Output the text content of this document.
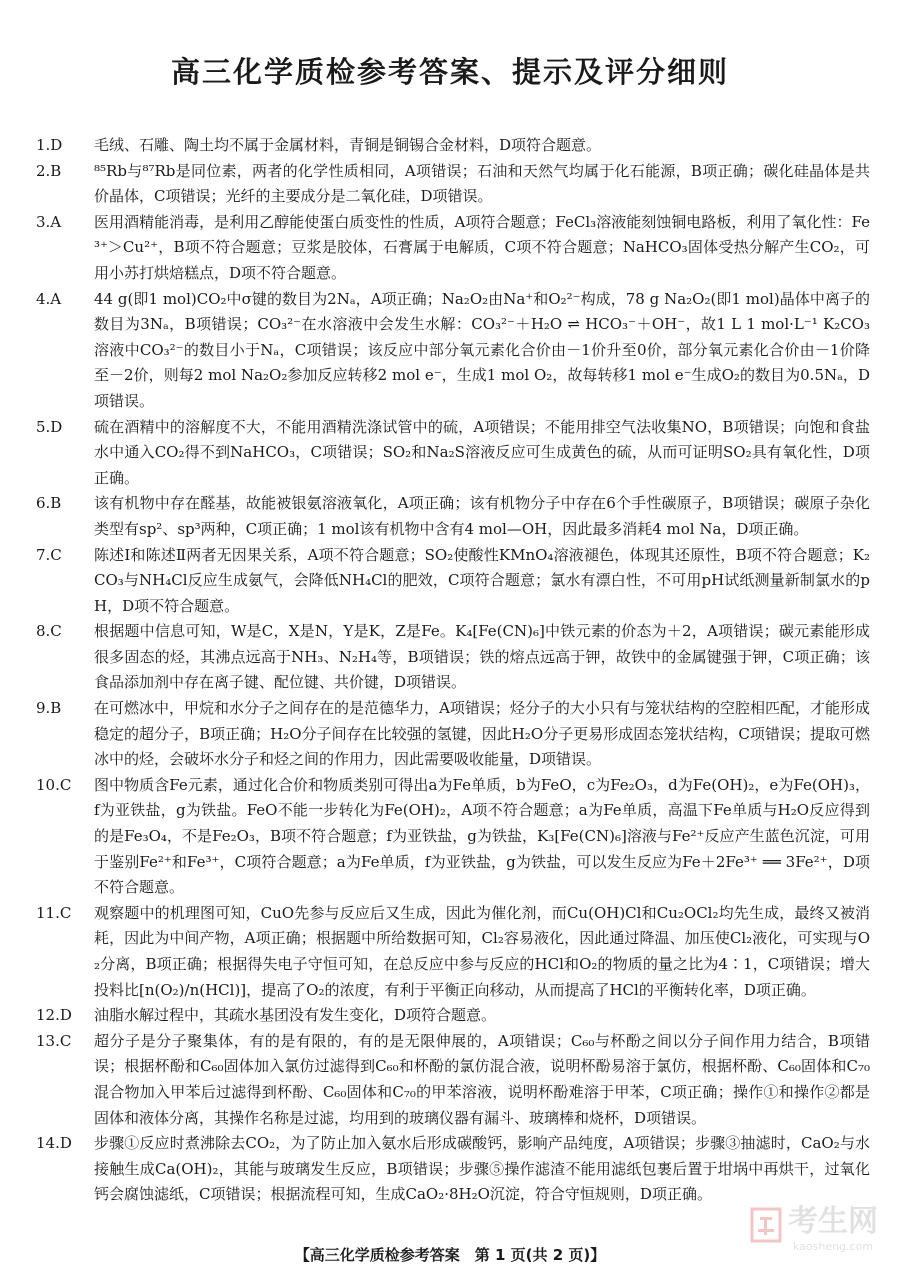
高三化学质检参考答案、提示及评分细则
1.D	毛绒、石雕、陶土均不属于金属材料，青铜是铜锡合金材料，D项符合题意。
2.B	⁸⁵Rb与⁸⁷Rb是同位素，两者的化学性质相同，A项错误；石油和天然气均属于化石能源，B项正确；碳化硅晶体是共价晶体，C项错误；光纤的主要成分是二氧化硅，D项错误。
3.A	医用酒精能消毒，是利用乙醇能使蛋白质变性的性质，A项符合题意；FeCl₃溶液能刻蚀铜电路板，利用了氧化性：Fe³⁺＞Cu²⁺，B项不符合题意；豆浆是胶体，石膏属于电解质，C项不符合题意；NaHCO₃固体受热分解产生CO₂，可用小苏打烘焙糕点，D项不符合题意。
4.A	44 g(即1 mol)CO₂中σ键的数目为2Nₐ，A项正确；Na₂O₂由Na⁺和O₂²⁻构成，78 g Na₂O₂(即1 mol)晶体中离子的数目为3Nₐ，B项错误；CO₃²⁻在水溶液中会发生水解：CO₃²⁻＋H₂O ⇌ HCO₃⁻＋OH⁻，故1 L 1 mol·L⁻¹ K₂CO₃溶液中CO₃²⁻的数目小于Nₐ，C项错误；该反应中部分氧元素化合价由－1价升至0价，部分氧元素化合价由－1价降至－2价，则每2 mol Na₂O₂参加反应转移2 mol e⁻，生成1 mol O₂，故每转移1 mol e⁻生成O₂的数目为0.5Nₐ，D项错误。
5.D	硫在酒精中的溶解度不大，不能用酒精洗涤试管中的硫，A项错误；不能用排空气法收集NO，B项错误；向饱和食盐水中通入CO₂得不到NaHCO₃，C项错误；SO₂和Na₂S溶液反应可生成黄色的硫，从而可证明SO₂具有氧化性，D项正确。
6.B	该有机物中存在醛基，故能被银氨溶液氧化，A项正确；该有机物分子中存在6个手性碳原子，B项错误；碳原子杂化类型有sp²、sp³两种，C项正确；1 mol该有机物中含有4 mol—OH，因此最多消耗4 mol Na，D项正确。
7.C	陈述Ⅰ和陈述Ⅱ两者无因果关系，A项不符合题意；SO₂使酸性KMnO₄溶液褪色，体现其还原性，B项不符合题意；K₂CO₃与NH₄Cl反应生成氨气，会降低NH₄Cl的肥效，C项符合题意；氯水有漂白性，不可用pH试纸测量新制氯水的pH，D项不符合题意。
8.C	根据题中信息可知，W是C，X是N，Y是K，Z是Fe。K₄[Fe(CN)₆]中铁元素的价态为＋2，A项错误；碳元素能形成很多固态的烃，其沸点远高于NH₃、N₂H₄等，B项错误；铁的熔点远高于钾，故铁中的金属键强于钾，C项正确；该食品添加剂中存在离子键、配位键、共价键，D项错误。
9.B	在可燃冰中，甲烷和水分子之间存在的是范德华力，A项错误；烃分子的大小只有与笼状结构的空腔相匹配，才能形成稳定的超分子，B项正确；H₂O分子间存在比较强的氢键，因此H₂O分子更易形成固态笼状结构，C项错误；提取可燃冰中的烃，会破坏水分子和烃之间的作用力，因此需要吸收能量，D项错误。
10.C	图中物质含Fe元素，通过化合价和物质类别可得出a为Fe单质，b为FeO，c为Fe₂O₃，d为Fe(OH)₂，e为Fe(OH)₃，f为亚铁盐，g为铁盐。FeO不能一步转化为Fe(OH)₂，A项不符合题意；a为Fe单质，高温下Fe单质与H₂O反应得到的是Fe₃O₄，不是Fe₂O₃，B项不符合题意；f为亚铁盐，g为铁盐，K₃[Fe(CN)₆]溶液与Fe²⁺反应产生蓝色沉淀，可用于鉴别Fe²⁺和Fe³⁺，C项符合题意；a为Fe单质，f为亚铁盐，g为铁盐，可以发生反应为Fe＋2Fe³⁺ ══ 3Fe²⁺，D项不符合题意。
11.C	观察题中的机理图可知，CuO先参与反应后又生成，因此为催化剂，而Cu(OH)Cl和Cu₂OCl₂均先生成，最终又被消耗，因此为中间产物，A项正确；根据题中所给数据可知，Cl₂容易液化，因此通过降温、加压使Cl₂液化，可实现与O₂分离，B项正确；根据得失电子守恒可知，在总反应中参与反应的HCl和O₂的物质的量之比为4∶1，C项错误；增大投料比[n(O₂)/n(HCl)]，提高了O₂的浓度，有利于平衡正向移动，从而提高了HCl的平衡转化率，D项正确。
12.D	油脂水解过程中，其疏水基团没有发生变化，D项符合题意。
13.C	超分子是分子聚集体，有的是有限的，有的是无限伸展的，A项错误；C₆₀与杯酚之间以分子间作用力结合，B项错误；根据杯酚和C₆₀固体加入氯仿过滤得到C₆₀和杯酚的氯仿混合液，说明杯酚易溶于氯仿，根据杯酚、C₆₀固体和C₇₀混合物加入甲苯后过滤得到杯酚、C₆₀固体和C₇₀的甲苯溶液，说明杯酚难溶于甲苯，C项正确；操作①和操作②都是固体和液体分离，其操作名称是过滤，均用到的玻璃仪器有漏斗、玻璃棒和烧杯，D项错误。
14.D	步骤①反应时煮沸除去CO₂，为了防止加入氨水后形成碳酸钙，影响产品纯度，A项错误；步骤③抽滤时，CaO₂与水接触生成Ca(OH)₂，其能与玻璃发生反应，B项错误；步骤⑤操作滤渣不能用滤纸包裹后置于坩埚中再烘干，过氧化钙会腐蚀滤纸，C项错误；根据流程可知，生成CaO₂·8H₂O沉淀，符合守恒规则，D项正确。
【高三化学质检参考答案　第 1 页(共 2 页)】
考生网
kaosheng.com
